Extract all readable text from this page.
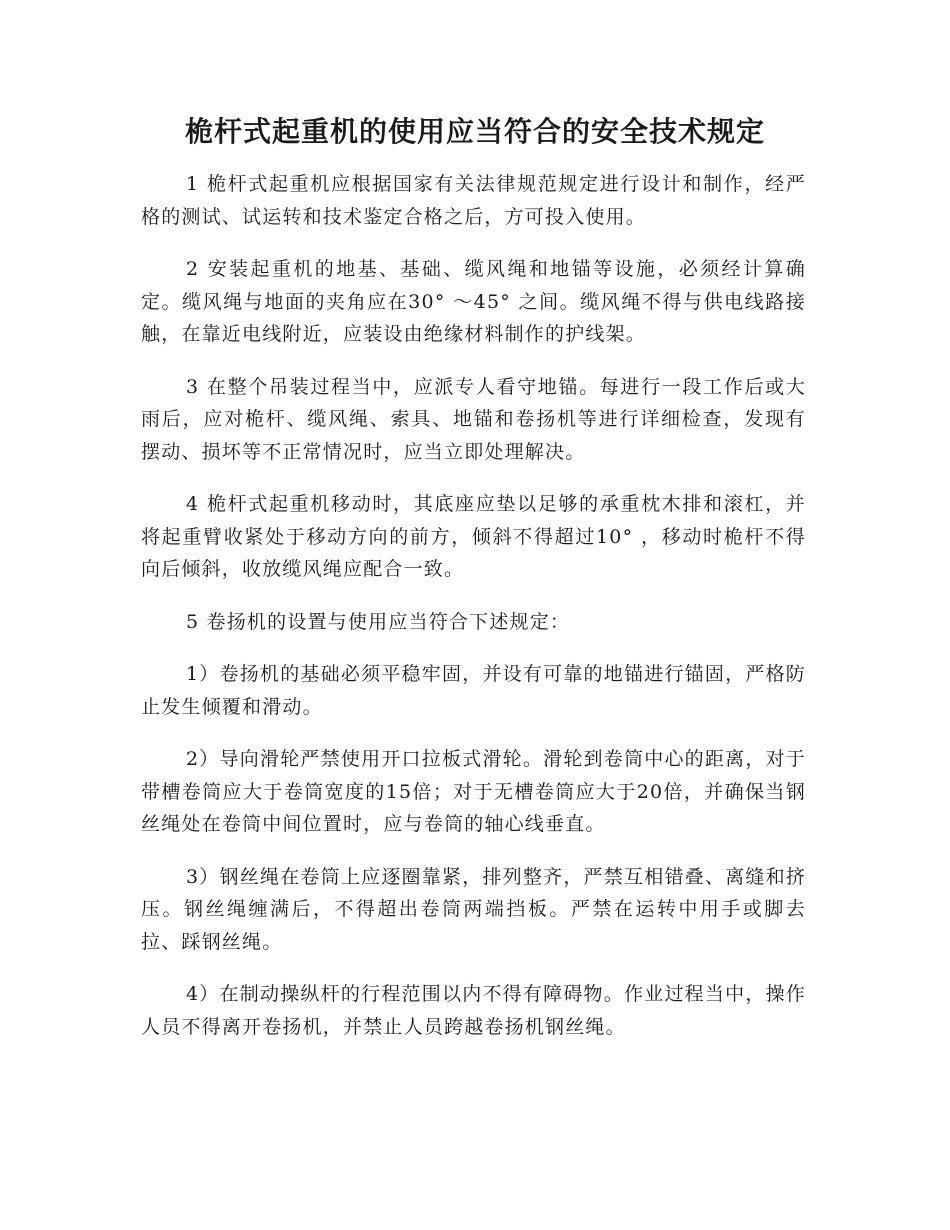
桅杆式起重机的使用应当符合的安全技术规定

1 桅杆式起重机应根据国家有关法律规范规定进行设计和制作，经严格的测试、试运转和技术鉴定合格之后，方可投入使用。

2 安装起重机的地基、基础、缆风绳和地锚等设施，必须经计算确定。缆风绳与地面的夹角应在30° ～45° 之间。缆风绳不得与供电线路接触，在靠近电线附近，应装设由绝缘材料制作的护线架。

3 在整个吊装过程当中，应派专人看守地锚。每进行一段工作后或大雨后，应对桅杆、缆风绳、索具、地锚和卷扬机等进行详细检查，发现有摆动、损坏等不正常情况时，应当立即处理解决。

4 桅杆式起重机移动时，其底座应垫以足够的承重枕木排和滚杠，并将起重臂收紧处于移动方向的前方，倾斜不得超过10° ，移动时桅杆不得向后倾斜，收放缆风绳应配合一致。

5 卷扬机的设置与使用应当符合下述规定：

1）卷扬机的基础必须平稳牢固，并设有可靠的地锚进行锚固，严格防止发生倾覆和滑动。

2）导向滑轮严禁使用开口拉板式滑轮。滑轮到卷筒中心的距离，对于带槽卷筒应大于卷筒宽度的15倍；对于无槽卷筒应大于20倍，并确保当钢丝绳处在卷筒中间位置时，应与卷筒的轴心线垂直。

3）钢丝绳在卷筒上应逐圈靠紧，排列整齐，严禁互相错叠、离缝和挤压。钢丝绳缠满后，不得超出卷筒两端挡板。严禁在运转中用手或脚去拉、踩钢丝绳。

4）在制动操纵杆的行程范围以内不得有障碍物。作业过程当中，操作人员不得离开卷扬机，并禁止人员跨越卷扬机钢丝绳。
